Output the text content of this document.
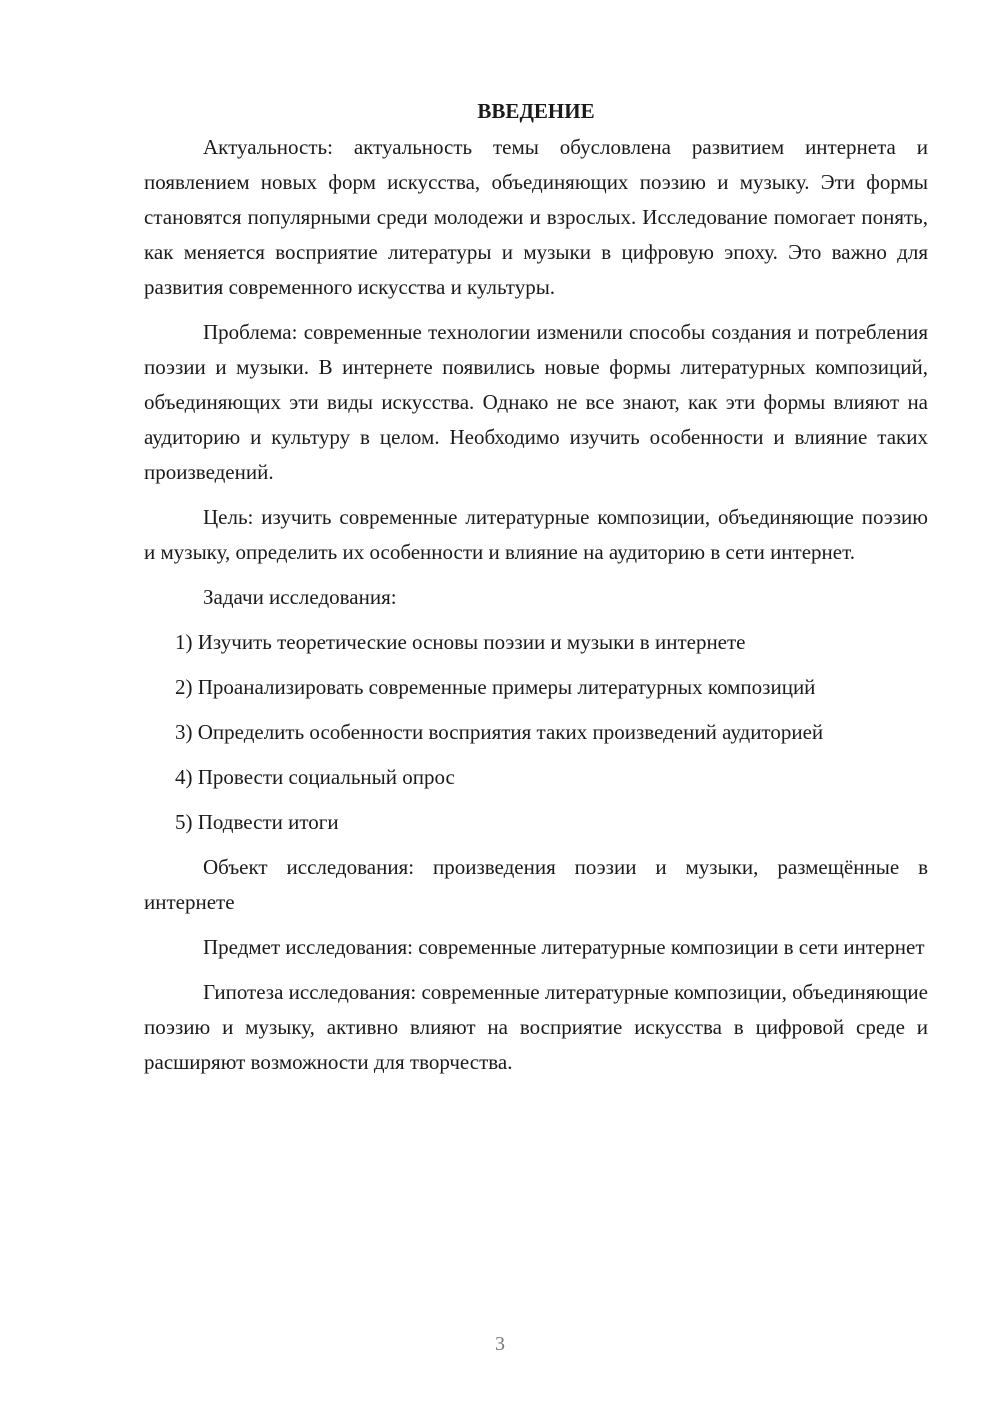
ВВЕДЕНИЕ

Актуальность: актуальность темы обусловлена развитием интернета и появлением новых форм искусства, объединяющих поэзию и музыку. Эти формы становятся популярными среди молодежи и взрослых. Исследование помогает понять, как меняется восприятие литературы и музыки в цифровую эпоху. Это важно для развития современного искусства и культуры.

Проблема: современные технологии изменили способы создания и потребления поэзии и музыки. В интернете появились новые формы литературных композиций, объединяющих эти виды искусства. Однако не все знают, как эти формы влияют на аудиторию и культуру в целом. Необходимо изучить особенности и влияние таких произведений.

Цель: изучить современные литературные композиции, объединяющие поэзию и музыку, определить их особенности и влияние на аудиторию в сети интернет.

Задачи исследования:

1) Изучить теоретические основы поэзии и музыки в интернете

2) Проанализировать современные примеры литературных композиций

3) Определить особенности восприятия таких произведений аудиторией

4) Провести социальный опрос

5) Подвести итоги

Объект исследования: произведения поэзии и музыки, размещённые в интернете

Предмет исследования: современные литературные композиции в сети интернет

Гипотеза исследования: современные литературные композиции, объединяющие поэзию и музыку, активно влияют на восприятие искусства в цифровой среде и расширяют возможности для творчества.

3
